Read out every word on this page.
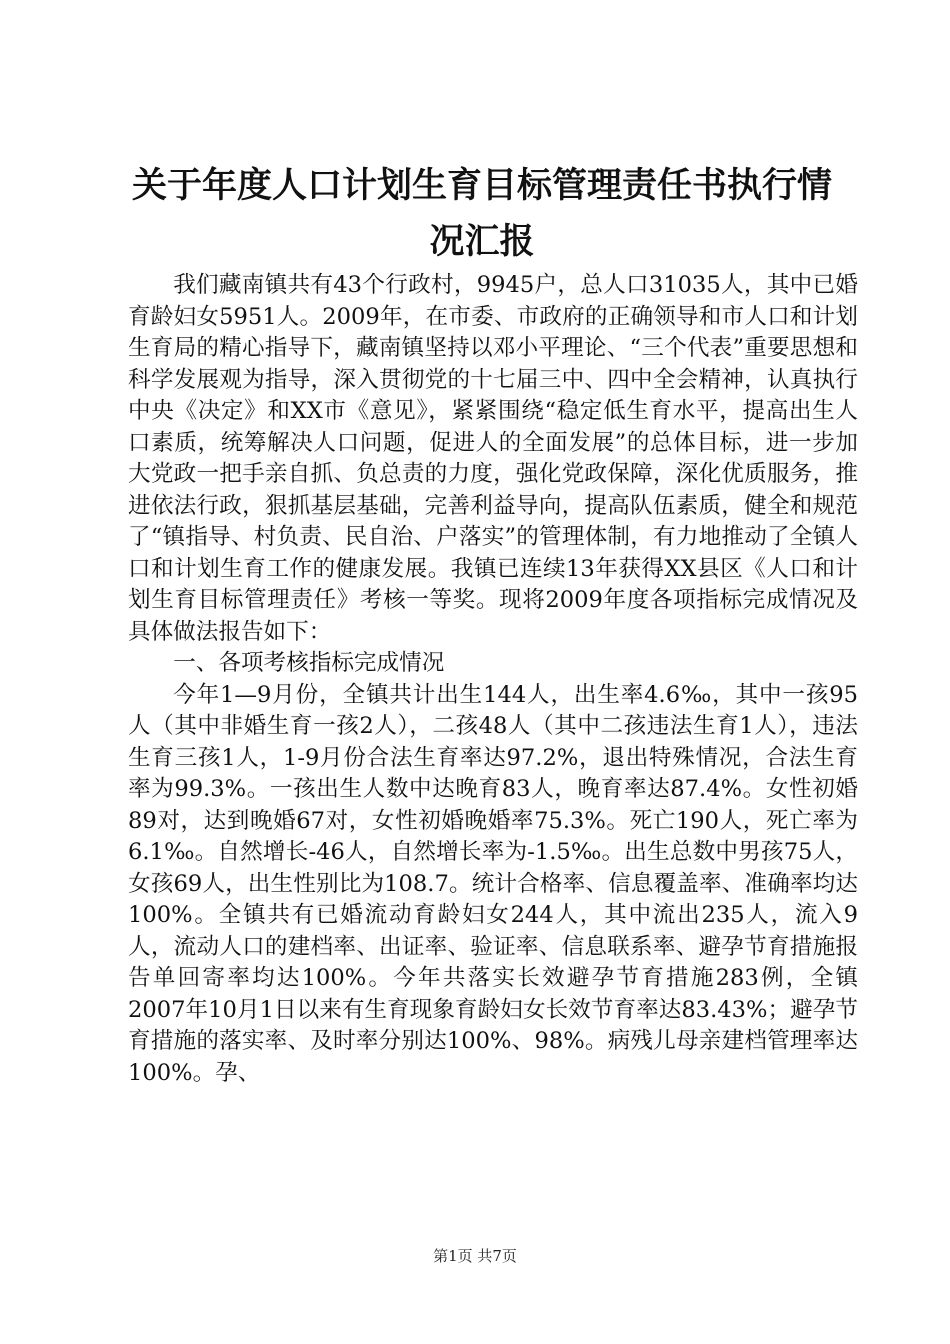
关于年度人口计划生育目标管理责任书执行情况汇报

我们藏南镇共有43个行政村，9945户，总人口31035人，其中已婚育龄妇女5951人。2009年，在市委、市政府的正确领导和市人口和计划生育局的精心指导下，藏南镇坚持以邓小平理论、“三个代表”重要思想和科学发展观为指导，深入贯彻党的十七届三中、四中全会精神，认真执行中央《决定》和XX市《意见》，紧紧围绕“稳定低生育水平，提高出生人口素质，统筹解决人口问题，促进人的全面发展”的总体目标，进一步加大党政一把手亲自抓、负总责的力度，强化党政保障，深化优质服务，推进依法行政，狠抓基层基础，完善利益导向，提高队伍素质，健全和规范了“镇指导、村负责、民自治、户落实”的管理体制，有力地推动了全镇人口和计划生育工作的健康发展。我镇已连续13年获得XX县区《人口和计划生育目标管理责任》考核一等奖。现将2009年度各项指标完成情况及具体做法报告如下：

一、各项考核指标完成情况

今年1—9月份，全镇共计出生144人，出生率4.6‰，其中一孩95人（其中非婚生育一孩2人），二孩48人（其中二孩违法生育1人），违法生育三孩1人，1-9月份合法生育率达97.2%，退出特殊情况，合法生育率为99.3%。一孩出生人数中达晚育83人，晚育率达87.4%。女性初婚89对，达到晚婚67对，女性初婚晚婚率75.3%。死亡190人，死亡率为6.1‰。自然增长-46人，自然增长率为-1.5‰。出生总数中男孩75人，女孩69人，出生性别比为108.7。统计合格率、信息覆盖率、准确率均达100%。全镇共有已婚流动育龄妇女244人，其中流出235人，流入9人，流动人口的建档率、出证率、验证率、信息联系率、避孕节育措施报告单回寄率均达100%。今年共落实长效避孕节育措施283例，全镇2007年10月1日以来有生育现象育龄妇女长效节育率达83.43%；避孕节育措施的落实率、及时率分别达100%、98%。病残儿母亲建档管理率达100%。孕、

第1页 共7页
